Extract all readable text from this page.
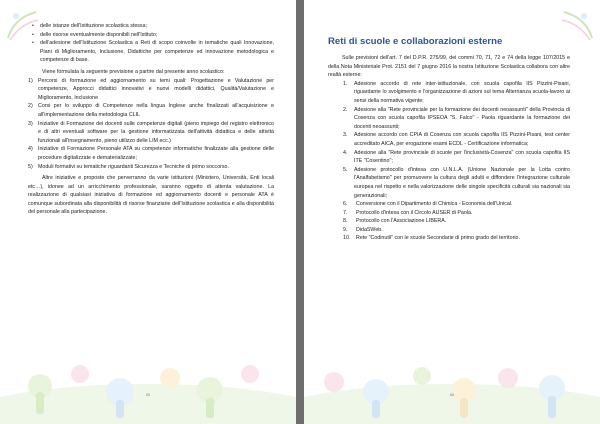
• delle istanze dell'Istituzione scolastica stessa;
• delle risorse eventualmente disponibili nell'Istituto;
• dell'adesione dell'Istituzione Scolastica a Reti di scopo coinvolte in tematiche quali Innovazione, Piani di Miglioramento, Inclusione, Didattiche per competenze ed innovazione metodologica e competenze di base.

Viene formulata la seguente previsione a partire dal presente anno scolastico:

1) Percorsi di formazione ed aggiornamento su temi quali: Progettazione e Valutazione per competenze, Approcci didattici innovativi e nuovi modelli didattici, Qualità/Valutazione e Miglioramento, Inclusione
2) Corsi per lo sviluppo di Competenze nella lingua Inglese anche finalizzati all'acquisizione e all'implementazione della metodologia CLIL
3) Iniziative di Formazione dei docenti sulle competenze digitali (pieno impiego del registro elettronico e di altri eventuali software per la gestione informatizzata dell'attività didattica e delle attività funzionali all'insegnamento, pieno utilizzo delle LIM ecc.)
4) Iniziative di Formazione Personale ATA su competenze informatiche finalizzate alla gestione delle procedure digitalizzate e dematerializzate;
5) Moduli formativi su tematiche riguardanti Sicurezza e Tecniche di primo soccorso.

Altre iniziative e proposte che perverranno da varie istituzioni (Ministero, Università, Enti locali etc…), idonee ad un arricchimento professionale, saranno oggetto di attenta valutazione. La realizzazione di qualsiasi iniziativa di formazione ed aggiornamento docenti e personale ATA è comunque subordinata alla disponibilità di risorse finanziarie dell'Istituzione scolastica e alla disponibilità del personale alla partecipazione.

85
Reti di scuole e collaborazioni esterne

Sulle previsioni dell'art. 7 del D.P.R. 275/99, dei commi 70, 71, 72 e 74 della legge 107/2015 e della Nota Ministeriale Prot. 2151 del 7 giugno 2016 la nostra Istituzione Scolastica collabora con altre realtà esterne:

1. Adesione accordo di rete inter-istituzionale, con scuola capofila IIS Pizzini-Pisani, riguardante lo svolgimento e l'organizzazione di azioni sul tema Alternanza scuola-lavoro ai sensi della normativa vigente;
2. Adesione alla "Rete provinciale per la formazione dei docenti neoassunti" della Provincia di Cosenza con scuola capofila IPSEOA "S. Falco" - Paola riguardante la formazione dei docenti neoassunti;
3. Adesione accordo con CPIA di Cosenza con scuola capofila IIS Pizzini-Pisani, test center accreditato AICA, per erogazione esami ECDL - Certificazione informatica;
4. Adesione alla "Rete provinciale di scuole per l'inclusività-Cosenza" con scuola capofila IIS ITE "Cosentino";
5. Adesione protocollo d'intesa con U.N.L.A. (Unione Nazionale per la Lotta contro l'Analfabetismo" per promuovere la cultura degli adulti e diffondere l'integrazione culturale europea nel rispetto e nella valorizzazione delle singole specificità culturali sia nazionali sia generazionali;
6. Conversione con il Dipartimento di Chimica - Economia dell'Unical.
7. Protocollo d'intesa con il Circolo AUSER di Paola.
8. Protocollo con l'Associazione LIBERA.
9. DidaSWeb.
10. Rete "Codinutil" con le scuole Secondarie di primo grado del territorio.
86
